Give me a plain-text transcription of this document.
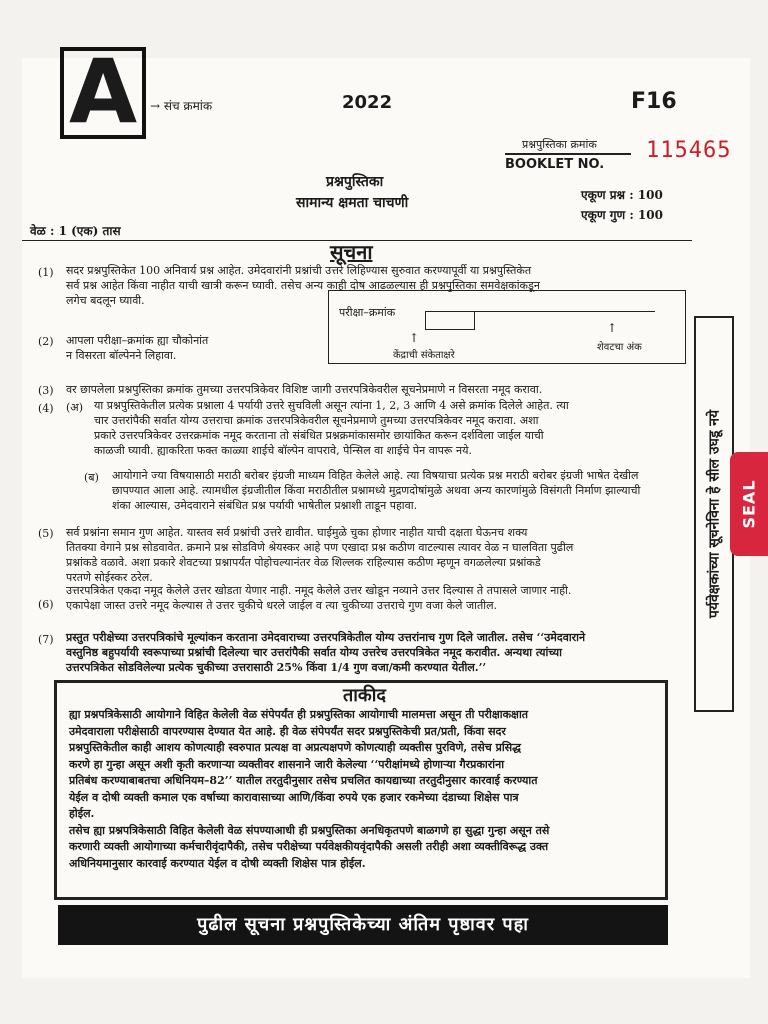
A	→ संच क्रमांक	2022	F16
प्रश्नपुस्तिका क्रमांक
BOOKLET NO.
115465
प्रश्नपुस्तिका
सामान्य क्षमता चाचणी	एकूण प्रश्न : 100
एकूण गुण : 100
वेळ : 1 (एक) तास
सूचना
(1) सदर प्रश्नपुस्तिकेत 100 अनिवार्य प्रश्न आहेत. उमेदवारांनी प्रश्नांची उत्तरे लिहिण्यास सुरुवात करण्यापूर्वी या प्रश्नपुस्तिकेत
सर्व प्रश्न आहेत किंवा नाहीत याची खात्री करून घ्यावी. तसेच अन्य काही दोष आढळल्यास ही प्रश्नपुस्तिका समवेक्षकांकडून
लगेच बदलून घ्यावी.
परीक्षा–क्रमांक
↑
↑
केंद्राची संकेताक्षरे
शेवटचा अंक
(2) आपला परीक्षा–क्रमांक ह्या चौकोनांत
न विसरता बॉल्पेनने लिहावा.
(3) वर छापलेला प्रश्नपुस्तिका क्रमांक तुमच्या उत्तरपत्रिकेवर विशिष्ट जागी उत्तरपत्रिकेवरील सूचनेप्रमाणे न विसरता नमूद करावा.
(4) (अ) या प्रश्नपुस्तिकेतील प्रत्येक प्रश्नाला 4 पर्यायी उत्तरे सुचविली असून त्यांना 1, 2, 3 आणि 4 असे क्रमांक दिलेले आहेत. त्या
चार उत्तरांपैकी सर्वात योग्य उत्तराचा क्रमांक उत्तरपत्रिकेवरील सूचनेप्रमाणे तुमच्या उत्तरपत्रिकेवर नमूद करावा. अशा
प्रकारे उत्तरपत्रिकेवर उत्तरक्रमांक नमूद करताना तो संबंधित प्रश्नक्रमांकासमोर छायांकित करून दर्शविला जाईल याची
काळजी घ्यावी. ह्याकरिता फक्त काळ्या शाईचे बॉल्पेन वापरावे, पेन्सिल वा शाईचे पेन वापरू नये.
(ब) आयोगाने ज्या विषयासाठी मराठी बरोबर इंग्रजी माध्यम विहित केलेले आहे. त्या विषयाचा प्रत्येक प्रश्न मराठी बरोबर इंग्रजी भाषेत देखील
छापण्यात आला आहे. त्यामधील इंग्रजीतील किंवा मराठीतील प्रश्नामध्ये मुद्रणदोषांमुळे अथवा अन्य कारणांमुळे विसंगती निर्माण झाल्याची
शंका आल्यास, उमेदवाराने संबंधित प्रश्न पर्यायी भाषेतील प्रश्नाशी ताडून पहावा.
(5) सर्व प्रश्नांना समान गुण आहेत. यास्तव सर्व प्रश्नांची उत्तरे द्यावीत. घाईमुळे चुका होणार नाहीत याची दक्षता घेऊनच शक्य
तितक्या वेगाने प्रश्न सोडवावेत. क्रमाने प्रश्न सोडविणे श्रेयस्कर आहे पण एखादा प्रश्न कठीण वाटल्यास त्यावर वेळ न घालविता पुढील
प्रश्नांकडे वळावे. अशा प्रकारे शेवटच्या प्रश्नापर्यंत पोहोचल्यानंतर वेळ शिल्लक राहिल्यास कठीण म्हणून वगळलेल्या प्रश्नांकडे
परतणे सोईस्कर ठरेल.
(6)
उत्तरपत्रिकेत एकदा नमूद केलेले उत्तर खोडता येणार नाही. नमूद केलेले उत्तर खोडून नव्याने उत्तर दिल्यास ते तपासले जाणार नाही.
एकापेक्षा जास्त उत्तरे नमूद केल्यास ते उत्तर चुकीचे धरले जाईल व त्या चुकीच्या उत्तराचे गुण वजा केले जातील.
(7) प्रस्तुत परीक्षेच्या उत्तरपत्रिकांचे मूल्यांकन करताना उमेदवाराच्या उत्तरपत्रिकेतील योग्य उत्तरांनाच गुण दिले जातील. तसेच ‘‘उमेदवाराने
वस्तुनिष्ठ बहुपर्यायी स्वरूपाच्या प्रश्नांची दिलेल्या चार उत्तरांपैकी सर्वात योग्य उत्तरेच उत्तरपत्रिकेत नमूद करावीत. अन्यथा त्यांच्या
उत्तरपत्रिकेत सोडविलेल्या प्रत्येक चुकीच्या उत्तरासाठी 25% किंवा 1/4 गुण वजा/कमी करण्यात येतील.’’
पर्यवेक्षकांच्या सूचनेविना हे सील उघडू नये SEAL
ताकीद
ह्या प्रश्नपत्रिकेसाठी आयोगाने विहित केलेली वेळ संपेपर्यंत ही प्रश्नपुस्तिका आयोगाची मालमत्ता असून ती परीक्षाकक्षात
उमेदवाराला परीक्षेसाठी वापरण्यास देण्यात येत आहे. ही वेळ संपेपर्यंत सदर प्रश्नपुस्तिकेची प्रत/प्रती, किंवा सदर
प्रश्नपुस्तिकेतील काही आशय कोणत्याही स्वरुपात प्रत्यक्ष वा अप्रत्यक्षपणे कोणत्याही व्यक्तीस पुरविणे, तसेच प्रसिद्ध
करणे हा गुन्हा असून अशी कृती करणाऱ्या व्यक्तीवर शासनाने जारी केलेल्या ‘‘परीक्षांमध्ये होणाऱ्या गैरप्रकारांना
प्रतिबंध करण्याबाबतचा अधिनियम–82’’ यातील तरतुदीनुसार तसेच प्रचलित कायद्याच्या तरतुदीनुसार कारवाई करण्यात
येईल व दोषी व्यक्ती कमाल एक वर्षाच्या कारावासाच्या आणि/किंवा रुपये एक हजार रकमेच्या दंडाच्या शिक्षेस पात्र
होईल.
तसेच ह्या प्रश्नपत्रिकेसाठी विहित केलेली वेळ संपण्याआधी ही प्रश्नपुस्तिका अनधिकृतपणे बाळगणे हा सुद्धा गुन्हा असून तसे
करणारी व्यक्ती आयोगाच्या कर्मचारीवृंदापैकी, तसेच परीक्षेच्या पर्यवेक्षकीयवृंदापैकी असली तरीही अशा व्यक्तीविरूद्ध उक्त
अधिनियमानुसार कारवाई करण्यात येईल व दोषी व्यक्ती शिक्षेस पात्र होईल.
पुढील सूचना प्रश्नपुस्तिकेच्या अंतिम पृष्ठावर पहा
